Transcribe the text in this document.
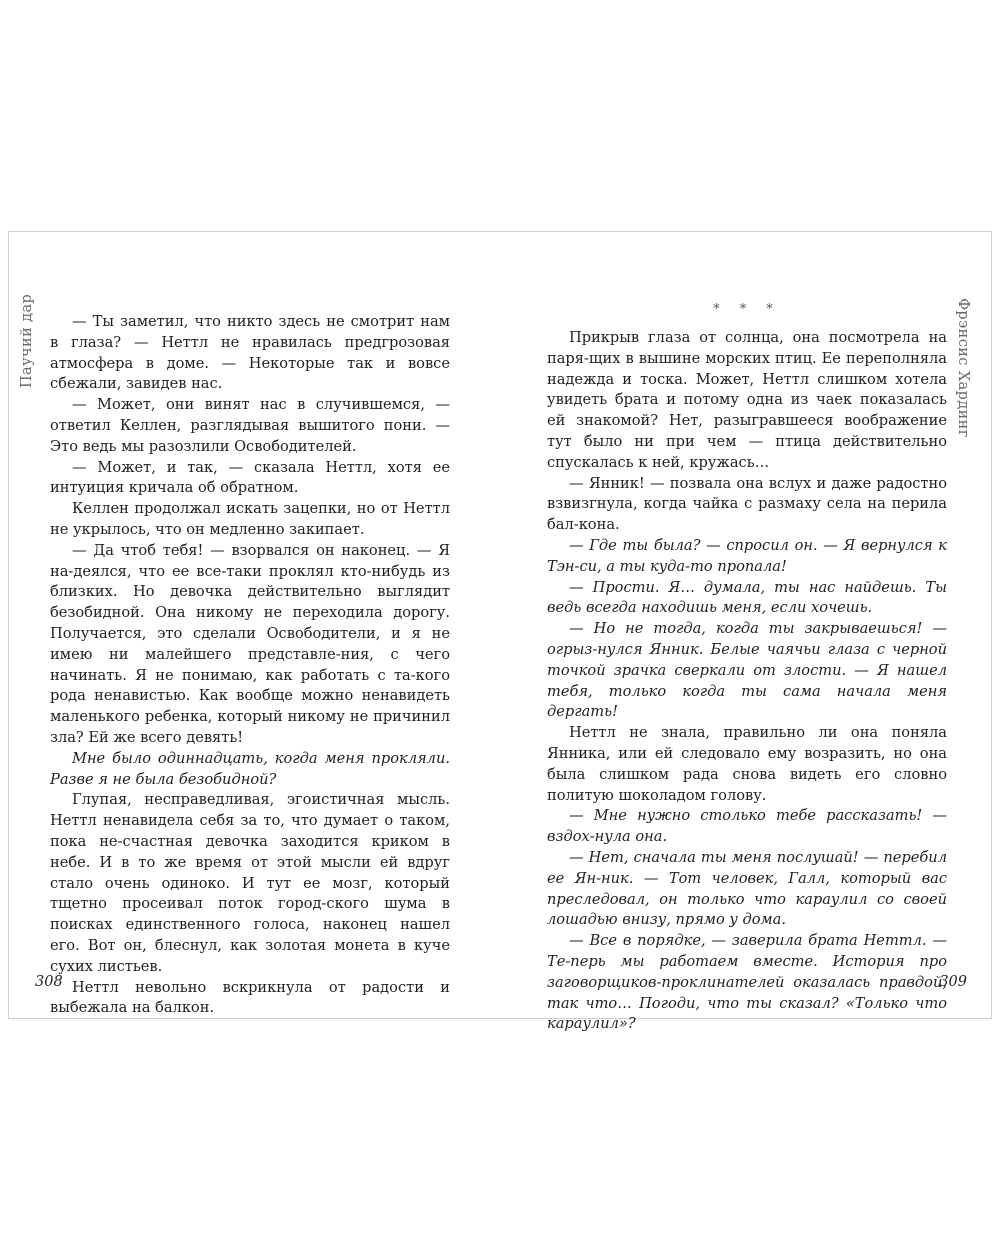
Паучий дар	— Ты заметил, что никто здесь не смотрит нам в глаза? — Неттл не нравилась предгрозовая атмосфера в доме. — Некоторые так и вовсе сбежали, завидев нас.

— Может, они винят нас в случившемся, — ответил Келлен, разглядывая вышитого пони. — Это ведь мы разозлили Освободителей.

— Может, и так, — сказала Неттл, хотя ее интуиция кричала об обратном.

Келлен продолжал искать зацепки, но от Неттл не укрылось, что он медленно закипает.

— Да чтоб тебя! — взорвался он наконец. — Я на-деялся, что ее все-таки проклял кто-нибудь из близких. Но девочка действительно выглядит безобидной. Она никому не переходила дорогу. Получается, это сделали Освободители, и я не имею ни малейшего представле-ния, с чего начинать. Я не понимаю, как работать с та-кого рода ненавистью. Как вообще можно ненавидеть маленького ребенка, который никому не причинил зла? Ей же всего девять!

Мне было одиннадцать, когда меня прокляли. Разве я не была безобидной?

Глупая, несправедливая, эгоистичная мысль. Неттл ненавидела себя за то, что думает о таком, пока не-счастная девочка заходится криком в небе. И в то же время от этой мысли ей вдруг стало очень одиноко. И тут ее мозг, который тщетно просеивал поток город-ского шума в поисках единственного голоса, наконец нашел его. Вот он, блеснул, как золотая монета в куче сухих листьев.

Неттл невольно вскрикнула от радости и выбежала на балкон.

308
Фрэнсис Хардинг
* * *

Прикрыв глаза от солнца, она посмотрела на паря-щих в вышине морских птиц. Ее переполняла надежда и тоска. Может, Неттл слишком хотела увидеть брата и потому одна из чаек показалась ей знакомой? Нет, разыгравшееся воображение тут было ни при чем — птица действительно спускалась к ней, кружась…

— Янник! — позвала она вслух и даже радостно взвизгнула, когда чайка с размаху села на перила бал-кона.

— Где ты была? — спросил он. — Я вернулся к Тэн-си, а ты куда-то пропала!

— Прости. Я… думала, ты нас найдешь. Ты ведь всегда находишь меня, если хочешь.

— Но не тогда, когда ты закрываешься! — огрыз-нулся Янник. Белые чаячьи глаза с черной точкой зрачка сверкали от злости. — Я нашел тебя, только когда ты сама начала меня дергать!

Неттл не знала, правильно ли она поняла Янника, или ей следовало ему возразить, но она была слишком рада снова видеть его словно политую шоколадом голову.

— Мне нужно столько тебе рассказать! — вздох-нула она.

— Нет, сначала ты меня послушай! — перебил ее Ян-ник. — Тот человек, Галл, который вас преследовал, он только что караулил со своей лошадью внизу, прямо у дома.

— Все в порядке, — заверила брата Неттл. — Те-перь мы работаем вместе. История про заговорщиков-проклинателей оказалась правдой, так что… Погоди, что ты сказал? «Только что караулил»?

309
